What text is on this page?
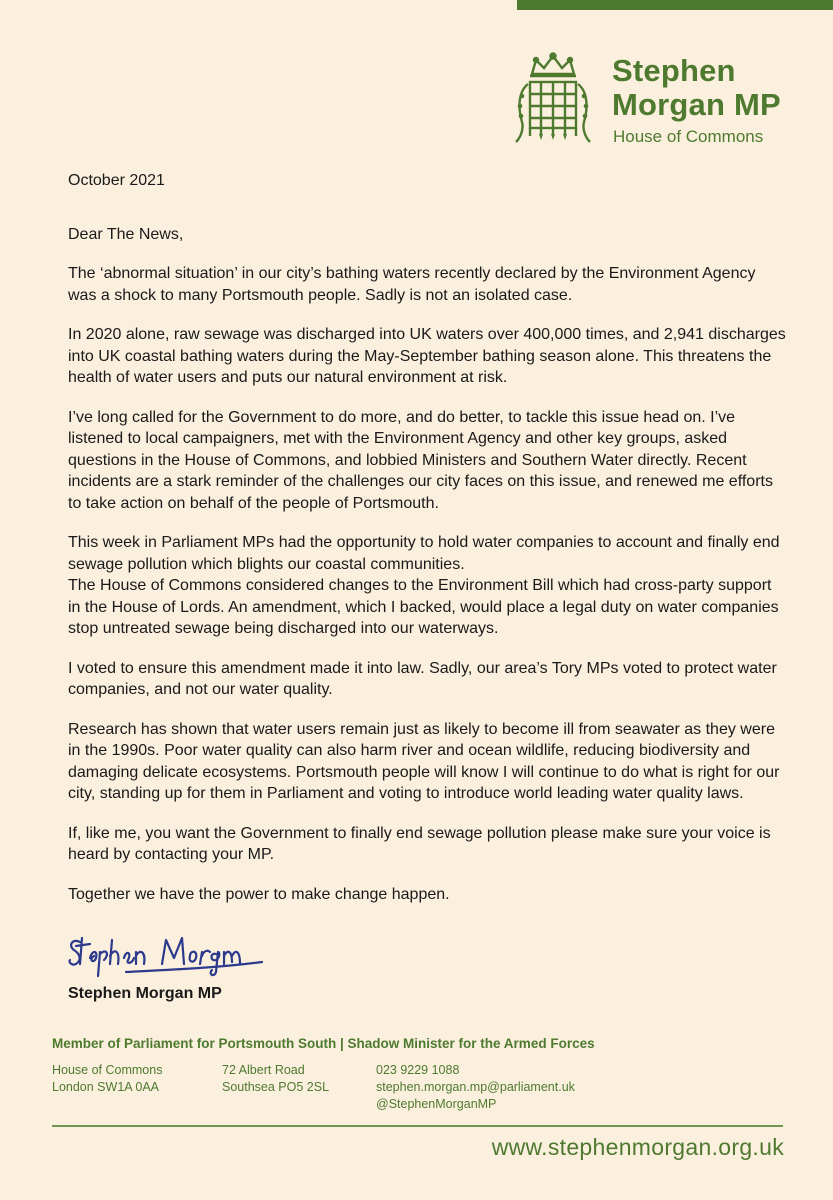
Stephen
Morgan MP
House of Commons

October 2021

Dear The News,

The ‘abnormal situation’ in our city’s bathing waters recently declared by the Environment Agency was a shock to many Portsmouth people. Sadly is not an isolated case.

In 2020 alone, raw sewage was discharged into UK waters over 400,000 times, and 2,941 discharges into UK coastal bathing waters during the May-September bathing season alone. This threatens the health of water users and puts our natural environment at risk.

I’ve long called for the Government to do more, and do better, to tackle this issue head on. I’ve listened to local campaigners, met with the Environment Agency and other key groups, asked questions in the House of Commons, and lobbied Ministers and Southern Water directly. Recent incidents are a stark reminder of the challenges our city faces on this issue, and renewed me efforts to take action on behalf of the people of Portsmouth.

This week in Parliament MPs had the opportunity to hold water companies to account and finally end sewage pollution which blights our coastal communities.

The House of Commons considered changes to the Environment Bill which had cross-party support in the House of Lords. An amendment, which I backed, would place a legal duty on water companies stop untreated sewage being discharged into our waterways.

I voted to ensure this amendment made it into law. Sadly, our area’s Tory MPs voted to protect water companies, and not our water quality.

Research has shown that water users remain just as likely to become ill from seawater as they were in the 1990s. Poor water quality can also harm river and ocean wildlife, reducing biodiversity and damaging delicate ecosystems. Portsmouth people will know I will continue to do what is right for our city, standing up for them in Parliament and voting to introduce world leading water quality laws.

If, like me, you want the Government to finally end sewage pollution please make sure your voice is heard by contacting your MP.

Together we have the power to make change happen.

Stephen Morgan MP
Member of Parliament for Portsmouth South | Shadow Minister for the Armed Forces
House of Commons
London SW1A 0AA
72 Albert Road
Southsea PO5 2SL
023 9229 1088
stephen.morgan.mp@parliament.uk
@StephenMorganMP
www.stephenmorgan.org.uk
